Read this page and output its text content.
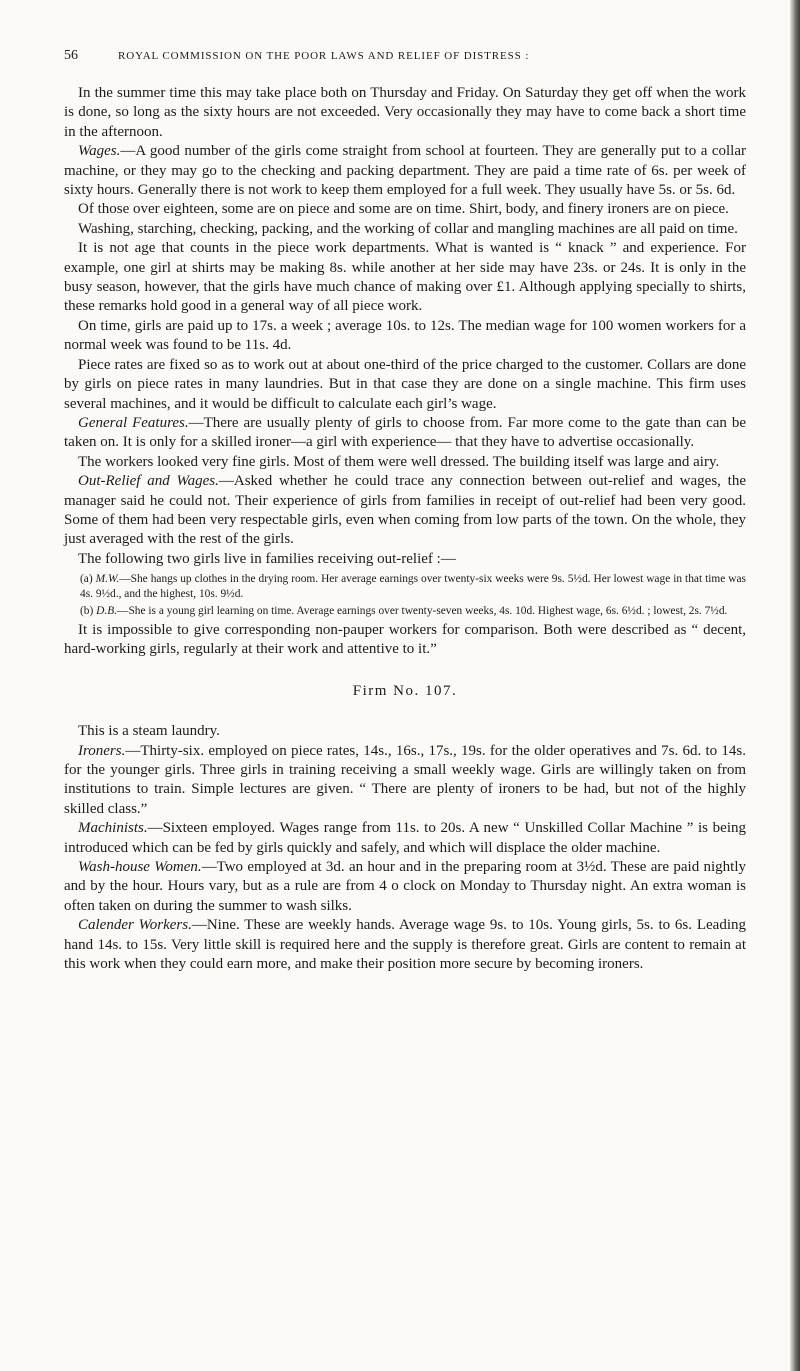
56	ROYAL COMMISSION ON THE POOR LAWS AND RELIEF OF DISTRESS :

In the summer time this may take place both on Thursday and Friday. On Saturday they get off when the work is done, so long as the sixty hours are not exceeded. Very occasionally they may have to come back a short time in the afternoon.

Wages.—A good number of the girls come straight from school at fourteen. They are generally put to a collar machine, or they may go to the checking and packing department. They are paid a time rate of 6s. per week of sixty hours. Generally there is not work to keep them employed for a full week. They usually have 5s. or 5s. 6d.

Of those over eighteen, some are on piece and some are on time. Shirt, body, and finery ironers are on piece.

Washing, starching, checking, packing, and the working of collar and mangling machines are all paid on time.

It is not age that counts in the piece work departments. What is wanted is “ knack ” and experience. For example, one girl at shirts may be making 8s. while another at her side may have 23s. or 24s. It is only in the busy season, however, that the girls have much chance of making over £1. Although applying specially to shirts, these remarks hold good in a general way of all piece work.

On time, girls are paid up to 17s. a week ; average 10s. to 12s. The median wage for 100 women workers for a normal week was found to be 11s. 4d.

Piece rates are fixed so as to work out at about one-third of the price charged to the customer. Collars are done by girls on piece rates in many laundries. But in that case they are done on a single machine. This firm uses several machines, and it would be difficult to calculate each girl’s wage.

General Features.—There are usually plenty of girls to choose from. Far more come to the gate than can be taken on. It is only for a skilled ironer—a girl with experience— that they have to advertise occasionally.

The workers looked very fine girls. Most of them were well dressed. The building itself was large and airy.

Out-Relief and Wages.—Asked whether he could trace any connection between out-relief and wages, the manager said he could not. Their experience of girls from families in receipt of out-relief had been very good. Some of them had been very respectable girls, even when coming from low parts of the town. On the whole, they just averaged with the rest of the girls.

The following two girls live in families receiving out-relief :—

(a) M.W.—She hangs up clothes in the drying room. Her average earnings over twenty-six weeks were 9s. 5½d. Her lowest wage in that time was 4s. 9½d., and the highest, 10s. 9½d.

(b) D.B.—She is a young girl learning on time. Average earnings over twenty-seven weeks, 4s. 10d. Highest wage, 6s. 6½d. ; lowest, 2s. 7½d.

It is impossible to give corresponding non-pauper workers for comparison. Both were described as “ decent, hard-working girls, regularly at their work and attentive to it.”

Firm No. 107.

This is a steam laundry.

Ironers.—Thirty-six. employed on piece rates, 14s., 16s., 17s., 19s. for the older operatives and 7s. 6d. to 14s. for the younger girls. Three girls in training receiving a small weekly wage. Girls are willingly taken on from institutions to train. Simple lectures are given. “ There are plenty of ironers to be had, but not of the highly skilled class.”

Machinists.—Sixteen employed. Wages range from 11s. to 20s. A new “ Unskilled Collar Machine ” is being introduced which can be fed by girls quickly and safely, and which will displace the older machine.

Wash-house Women.—Two employed at 3d. an hour and in the preparing room at 3½d. These are paid nightly and by the hour. Hours vary, but as a rule are from 4 o clock on Monday to Thursday night. An extra woman is often taken on during the summer to wash silks.

Calender Workers.—Nine. These are weekly hands. Average wage 9s. to 10s. Young girls, 5s. to 6s. Leading hand 14s. to 15s. Very little skill is required here and the supply is therefore great. Girls are content to remain at this work when they could earn more, and make their position more secure by becoming ironers.
